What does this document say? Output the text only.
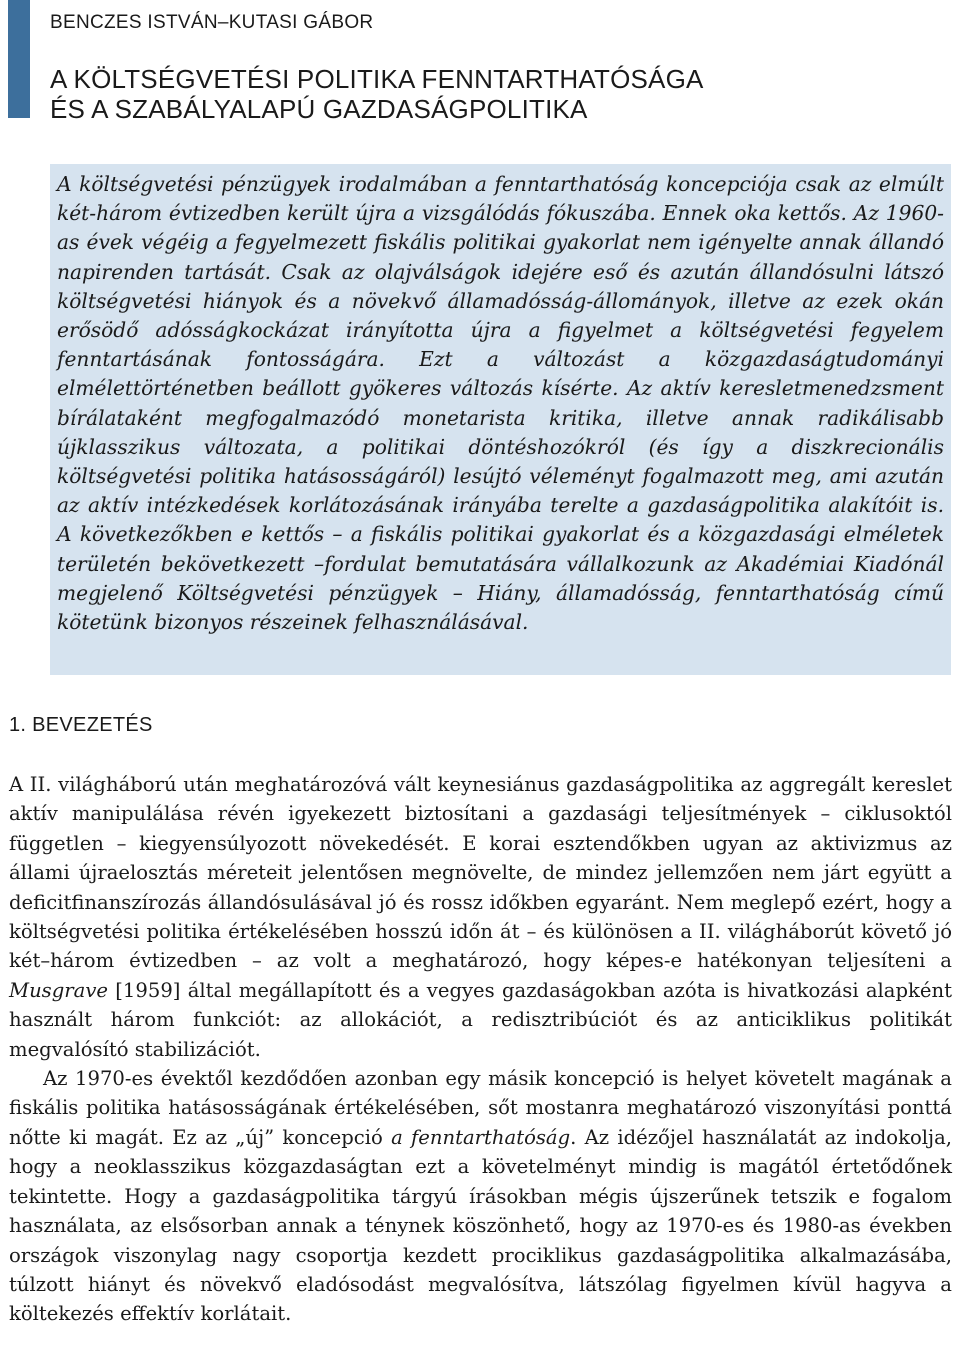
BENCZES ISTVÁN–KUTASI GÁBOR
A KÖLTSÉGVETÉSI POLITIKA FENNTARTHATÓSÁGA
ÉS A SZABÁLYALAPÚ GAZDASÁGPOLITIKA

A költségvetési pénzügyek irodalmában a fenntarthatóság koncepciója csak az elmúlt két-három évtizedben került újra a vizsgálódás fókuszába. Ennek oka kettős. Az 1960-as évek végéig a fegyelmezett fiskális politikai gyakorlat nem igényelte annak állandó napirenden tartását. Csak az olajválságok idejére eső és azután állandósulni látszó költségvetési hiányok és a növekvő államadósság-állományok, illetve az ezek okán erősödő adósságkockázat irányította újra a figyelmet a költségvetési fegyelem fenntartásának fontosságára. Ezt a változást a közgazdaságtudományi elmélettörténetben beállott gyökeres változás kísérte. Az aktív keresletmenedzsment bírálataként megfogalmazódó monetarista kritika, illetve annak radikálisabb újklasszikus változata, a politikai döntéshozókról (és így a diszkrecionális költségvetési politika hatásosságáról) lesújtó véleményt fogalmazott meg, ami azután az aktív intézkedések korlátozásának irányába terelte a gazdaságpolitika alakítóit is. A következőkben e kettős – a fiskális politikai gyakorlat és a közgazdasági elméletek területén bekövetkezett –fordulat bemutatására vállalkozunk az Akadémiai Kiadónál megjelenő Költségvetési pénzügyek – Hiány, államadósság, fenntarthatóság című kötetünk bizonyos részeinek felhasználásával.

1. BEVEZETÉS

A II. világháború után meghatározóvá vált keynesiánus gazdaságpolitika az aggregált kereslet aktív manipulálása révén igyekezett biztosítani a gazdasági teljesítmények – ciklusoktól független – kiegyensúlyozott növekedését. E korai esztendőkben ugyan az aktivizmus az állami újraelosztás méreteit jelentősen megnövelte, de mindez jellemzően nem járt együtt a deficitfinanszírozás állandósulásával jó és rossz időkben egyaránt. Nem meglepő ezért, hogy a költségvetési politika értékelésében hosszú időn át – és különösen a II. világháborút követő jó két–három évtizedben – az volt a meghatározó, hogy képes-e hatékonyan teljesíteni a Musgrave [1959] által megállapított és a vegyes gazdaságokban azóta is hivatkozási alapként használt három funkciót: az allokációt, a redisztribúciót és az anticiklikus politikát megvalósító stabilizációt.

Az 1970-es évektől kezdődően azonban egy másik koncepció is helyet követelt magának a fiskális politika hatásosságának értékelésében, sőt mostanra meghatározó viszonyítási ponttá nőtte ki magát. Ez az „új” koncepció a fenntarthatóság. Az idézőjel használatát az indokolja, hogy a neoklasszikus közgazdaságtan ezt a követelményt mindig is magától értetődőnek tekintette. Hogy a gazdaságpolitika tárgyú írásokban mégis újszerűnek tetszik e fogalom használata, az elsősorban annak a ténynek köszönhető, hogy az 1970-es és 1980-as években országok viszonylag nagy csoportja kezdett prociklikus gazdaságpolitika alkalmazásába, túlzott hiányt és növekvő eladósodást megvalósítva, látszólag figyelmen kívül hagyva a költekezés effektív korlátait.
